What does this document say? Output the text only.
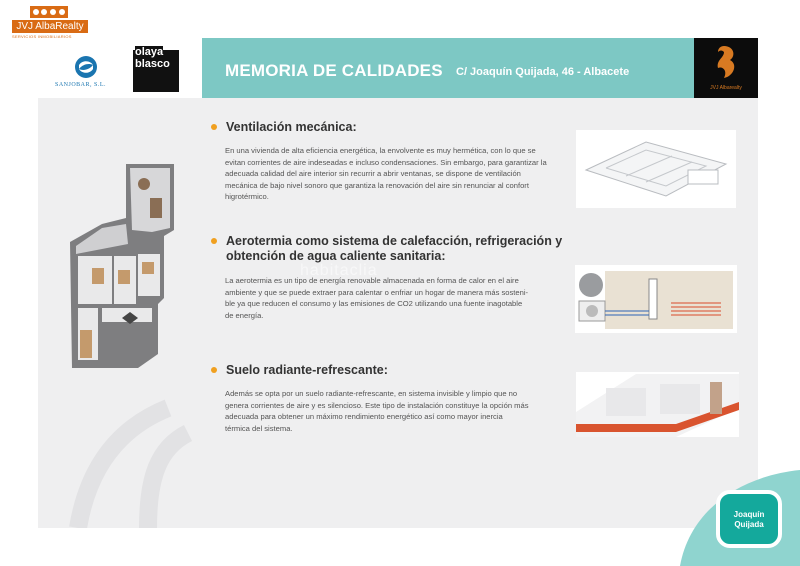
JVJ AlbaRealty
SERVICIOS INMOBILIARIOS
SANJOBAR, S.L.
olaya
blasco	MEMORIA DE CALIDADES C/ Joaquín Quijada, 46 - Albacete
JVJ Albarealty
Ventilación mecánica:
En una vivienda de alta eficiencia energética, la envolvente es muy hermética, con lo que se
evitan corrientes de aire indeseadas e incluso condensaciones. Sin embargo, para garantizar la
adecuada calidad del aire interior sin recurrir a abrir ventanas, se dispone de ventilación
mecánica de bajo nivel sonoro que garantiza la renovación del aire sin renunciar al confort
higrotérmico.
Aerotermia como sistema de calefacción, refrigeración y
obtención de agua caliente sanitaria:
La aerotermia es un tipo de energía renovable almacenada en forma de calor en el aire
ambiente y que se puede extraer para calentar o enfriar un hogar de manera más sosteni-
ble ya que reducen el consumo y las emisiones de CO2 utilizando una fuente inagotable
de energía.
Suelo radiante-refrescante:
Además se opta por un suelo radiante-refrescante, en sistema invisible y limpio que no
genera corrientes de aire y es silencioso. Este tipo de instalación constituye la opción más
adecuada para obtener un máximo rendimiento energético así como mayor inercia
térmica del sistema.
habitaclia
Joaquín
Quijada
